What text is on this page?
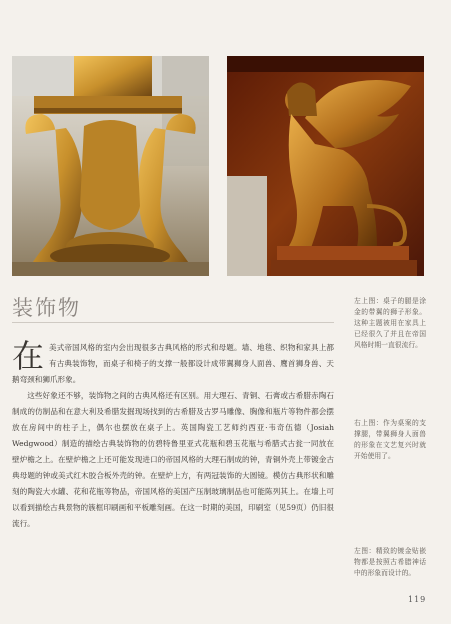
装饰物
在 美式帝国风格的室内会出现很多古典风格的形式和母题。墙、地毯、织物和家具上都有古典装饰物，而桌子和椅子的支撑一般都设计成带翼狮身人面兽、鹰首狮身兽、天鹅弯颈和狮爪形象。

这些好象还不够，装饰物之间的古典风格还有区别。用大理石、青铜、石膏或古希腊赤陶石制成的仿制品和在意大利及希腊发掘现场找到的古希腊及古罗马雕像、胸像和瓶片等物件都会摆放在房间中的柱子上，偶尔也摆放在桌子上。英国陶瓷工艺师约西亚·韦奇伍德（Josiah Wedgwood）制造的描绘古典装饰物的仿碧特鲁里亚式花瓶和碧玉花瓶与希腊式古瓮一同放在壁炉檐之上。在壁炉檐之上还可能发现进口的帝国风格的大理石制成的钟，青铜外壳上带镀金古典母题的钟或美式红木胶合板外壳的钟。在壁炉上方，有两冠装饰的大圆镜。模仿古典形状和雕刻的陶瓷大水罐、花和花瓶等物品，帝国风格的美国产压制玻璃制品也可能陈列其上。在墙上可以看到描绘古典景物的簇框印刷画和平板雕刻画。在这一时期的美国，印刷室（见59页）仍旧很流行。

左上图：桌子的腿是涂金的带翼的狮子形象。这种主题被用在家具上已经很久了并且在帝国风格时期一直很流行。

右上图：作为桌案的支撑腿，带翼狮身人面兽的形象在文艺复兴时就开始使用了。

左图：精致的镀金贴嵌物都是按照古希腊神话中的形象而设计的。

119
